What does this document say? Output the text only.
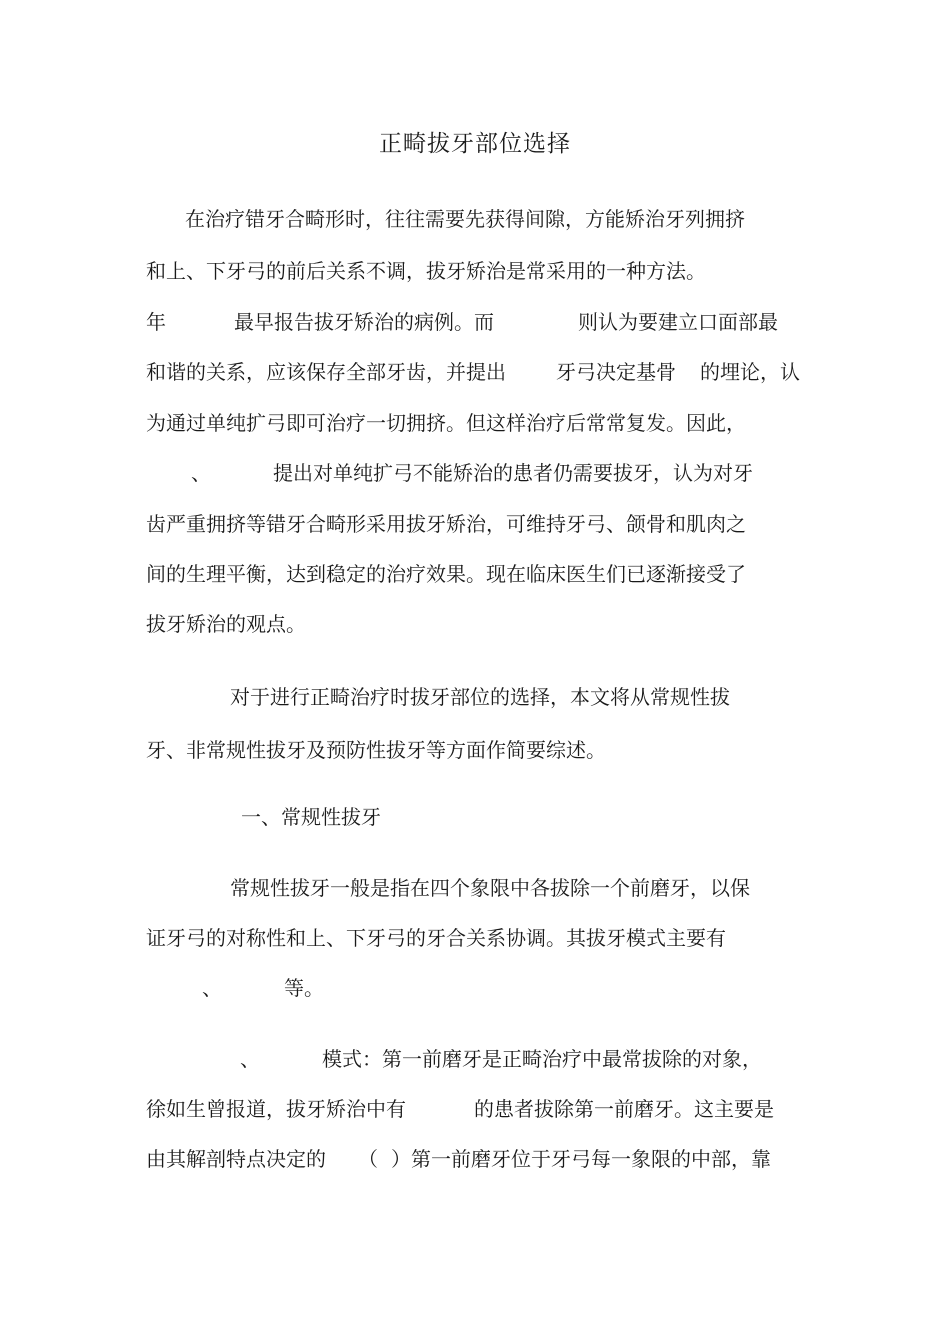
正畸拔牙部位选择
在治疗错牙合畸形时，往往需要先获得间隙，方能矫治牙列拥挤
和上、下牙弓的前后关系不调，拔牙矫治是常采用的一种方法。
年	最早报告拔牙矫治的病例。而	则认为要建立口面部最
和谐的关系，应该保存全部牙齿，并提出	牙弓决定基骨 的埋论，认
为通过单纯扩弓即可治疗一切拥挤。但这样治疗后常常复发。因此，
、	提出对单纯扩弓不能矫治的患者仍需要拔牙，认为对牙
齿严重拥挤等错牙合畸形采用拔牙矫治，可维持牙弓、颌骨和肌肉之
间的生理平衡，达到稳定的治疗效果。现在临床医生们已逐渐接受了
拔牙矫治的观点。
对于进行正畸治疗时拔牙部位的选择，本文将从常规性拔
牙、非常规性拔牙及预防性拔牙等方面作简要综述。
一、常规性拔牙
常规性拔牙一般是指在四个象限中各拔除一个前磨牙，以保
证牙弓的对称性和上、下牙弓的牙合关系协调。其拔牙模式主要有
、	等。
、	模式：第一前磨牙是正畸治疗中最常拔除的对象，
徐如生曾报道，拔牙矫治中有	的患者拔除第一前磨牙。这主要是
由其解剖特点决定的 （ ）第一前磨牙位于牙弓每一象限的中部，靠
